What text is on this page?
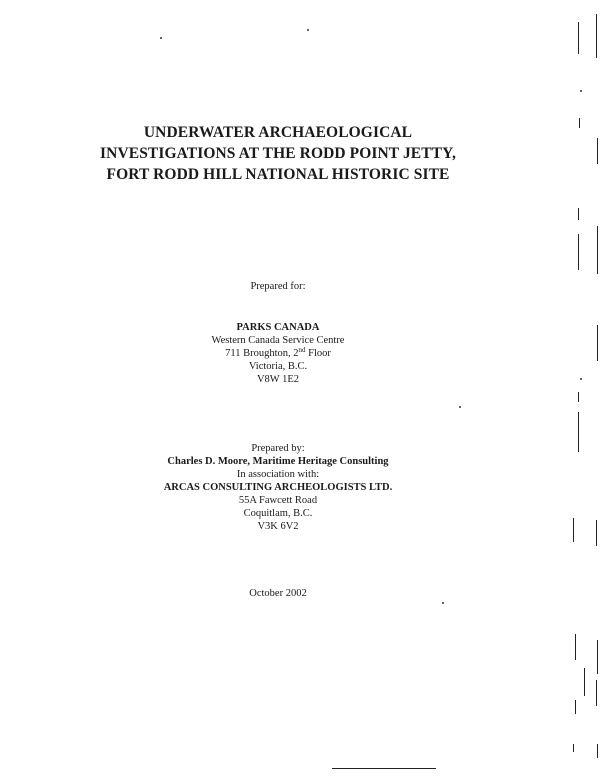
UNDERWATER ARCHAEOLOGICAL
INVESTIGATIONS AT THE RODD POINT JETTY,
FORT RODD HILL NATIONAL HISTORIC SITE
Prepared for:
PARKS CANADA
Western Canada Service Centre
711 Broughton, 2nd Floor
Victoria, B.C.
V8W 1E2
Prepared by:
Charles D. Moore, Maritime Heritage Consulting
In association with:
ARCAS CONSULTING ARCHEOLOGISTS LTD.
55A Fawcett Road
Coquitlam, B.C.
V3K 6V2
October 2002
